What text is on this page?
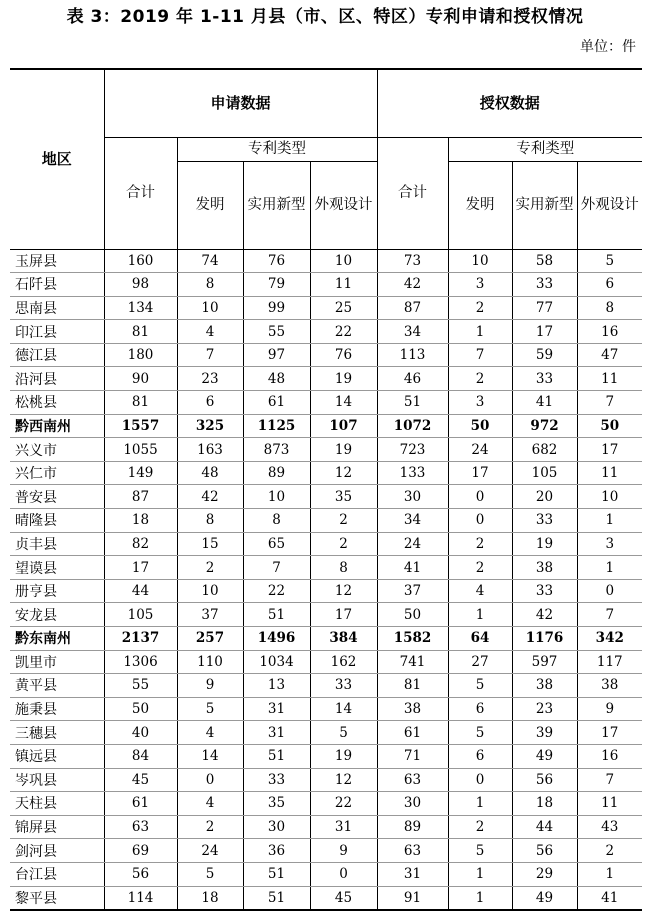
表 3：2019 年 1-11 月县（市、区、特区）专利申请和授权情况
单位：件
地区	申请数据				授权数据			
	合计	专利类型			合计	专利类型		
		发明	实用新型	外观设计		发明	实用新型	外观设计
玉屏县	160	74	76	10	73	10	58	5
石阡县	98	8	79	11	42	3	33	6
思南县	134	10	99	25	87	2	77	8
印江县	81	4	55	22	34	1	17	16
德江县	180	7	97	76	113	7	59	47
沿河县	90	23	48	19	46	2	33	11
松桃县	81	6	61	14	51	3	41	7
黔西南州	1557	325	1125	107	1072	50	972	50
兴义市	1055	163	873	19	723	24	682	17
兴仁市	149	48	89	12	133	17	105	11
普安县	87	42	10	35	30	0	20	10
晴隆县	18	8	8	2	34	0	33	1
贞丰县	82	15	65	2	24	2	19	3
望谟县	17	2	7	8	41	2	38	1
册亨县	44	10	22	12	37	4	33	0
安龙县	105	37	51	17	50	1	42	7
黔东南州	2137	257	1496	384	1582	64	1176	342
凯里市	1306	110	1034	162	741	27	597	117
黄平县	55	9	13	33	81	5	38	38
施秉县	50	5	31	14	38	6	23	9
三穗县	40	4	31	5	61	5	39	17
镇远县	84	14	51	19	71	6	49	16
岑巩县	45	0	33	12	63	0	56	7
天柱县	61	4	35	22	30	1	18	11
锦屏县	63	2	30	31	89	2	44	43
剑河县	69	24	36	9	63	5	56	2
台江县	56	5	51	0	31	1	29	1
黎平县	114	18	51	45	91	1	49	41
